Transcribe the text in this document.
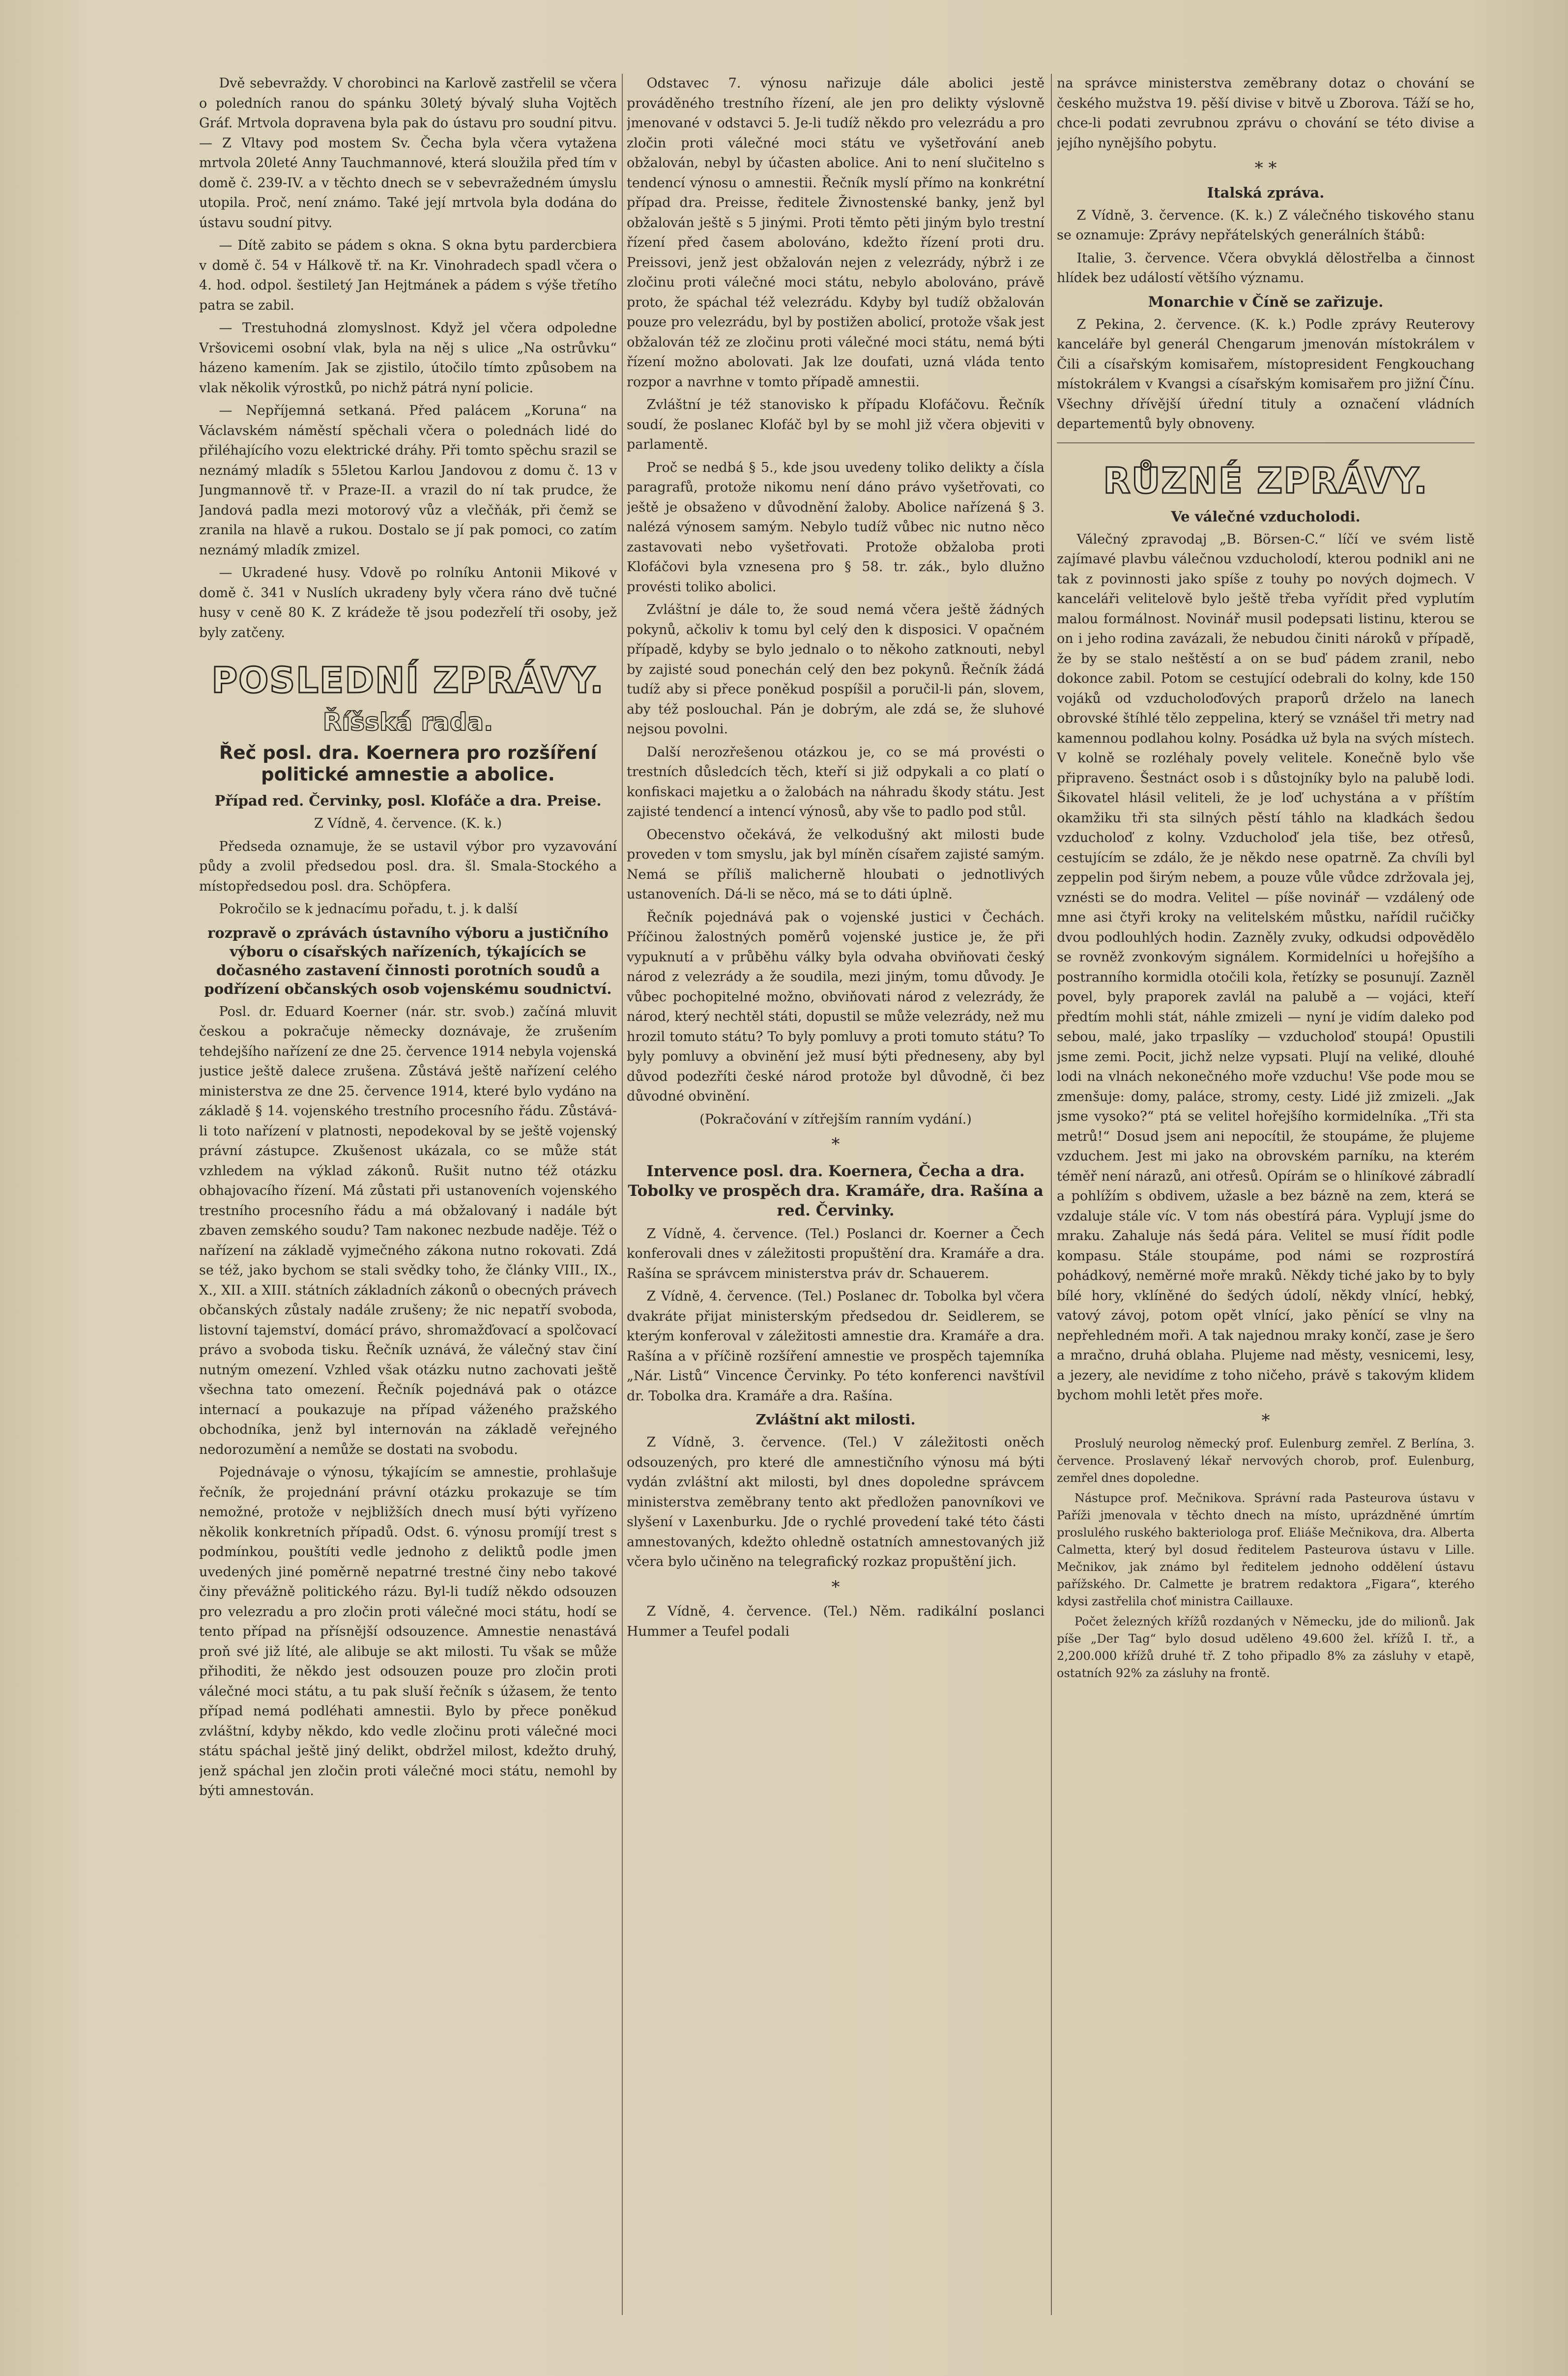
Dvě sebevraždy. V chorobinci na Karlově zastřelil se včera o poledních ranou do spánku 30letý bývalý sluha Vojtěch Gráf. Mrtvola dopravena byla pak do ústavu pro soudní pitvu. — Z Vltavy pod mostem Sv. Čecha byla včera vytažena mrtvola 20leté Anny Tauchmannové, která sloužila před tím v domě č. 239-IV. a v těchto dnech se v sebevražedném úmyslu utopila. Proč, není známo. Také její mrtvola byla dodána do ústavu soudní pitvy.

— Dítě zabito se pádem s okna. S okna bytu pardercbiera v domě č. 54 v Hálkově tř. na Kr. Vinohradech spadl včera o 4. hod. odpol. šestiletý Jan Hejtmánek a pádem s výše třetího patra se zabil.

— Trestuhodná zlomyslnost. Když jel včera odpoledne Vršovicemi osobní vlak, byla na něj s ulice „Na ostrůvku“ házeno kamením. Jak se zjistilo, útočilo tímto způsobem na vlak několik výrostků, po nichž pátrá nyní policie.

— Nepříjemná setkaná. Před palácem „Koruna“ na Václavském náměstí spěchali včera o polednách lidé do přiléhajícího vozu elektrické dráhy. Při tomto spěchu srazil se neznámý mladík s 55letou Karlou Jandovou z domu č. 13 v Jungmannově tř. v Praze-II. a vrazil do ní tak prudce, že Jandová padla mezi motorový vůz a vlečňák, při čemž se zranila na hlavě a rukou. Dostalo se jí pak pomoci, co zatím neznámý mladík zmizel.

— Ukradené husy. Vdově po rolníku Antonii Mikové v domě č. 341 v Nuslích ukradeny byly včera ráno dvě tučné husy v ceně 80 K. Z krádeže tě jsou podezřelí tři osoby, jež byly zatčeny.

POSLEDNÍ ZPRÁVY.
Říšská rada.
Řeč posl. dra. Koernera pro rozšíření politické amnestie a abolice.
Případ red. Červinky, posl. Klofáče a dra. Preise.

Z Vídně, 4. července. (K. k.)

Předseda oznamuje, že se ustavil výbor pro vyzavování půdy a zvolil předsedou posl. dra. šl. Smala-Stockého a místopředsedou posl. dra. Schöpfera.

Pokročilo se k jednacímu pořadu, t. j. k další

rozpravě o zprávách ústavního výboru a justičního výboru o císařských nařízeních, týkajících se dočasného zastavení činnosti porotních soudů a podřízení občanských osob vojenskému soudnictví.

Posl. dr. Eduard Koerner (nár. str. svob.) začíná mluvit českou a pokračuje německy doznávaje, že zrušením tehdejšího nařízení ze dne 25. července 1914 nebyla vojenská justice ještě dalece zrušena. Zůstává ještě nařízení celého ministerstva ze dne 25. července 1914, které bylo vydáno na základě § 14. vojenského trestního procesního řádu. Zůstává-li toto nařízení v platnosti, nepodekoval by se ještě vojenský právní zástupce. Zkušenost ukázala, co se může stát vzhledem na výklad zákonů. Rušit nutno též otázku obhajovacího řízení. Má zůstati při ustanoveních vojenského trestního procesního řádu a má obžalovaný i nadále být zbaven zemského soudu? Tam nakonec nezbude naděje. Též o nařízení na základě vyjmečného zákona nutno rokovati. Zdá se též, jako bychom se stali svědky toho, že články VIII., IX., X., XII. a XIII. státních základních zákonů o obecných právech občanských zůstaly nadále zrušeny; že nic nepatří svoboda, listovní tajemství, domácí právo, shromažďovací a spolčovací právo a svoboda tisku. Řečník uznává, že válečný stav činí nutným omezení. Vzhled však otázku nutno zachovati ještě všechna tato omezení. Řečník pojednává pak o otázce internací a poukazuje na případ váženého pražského obchodníka, jenž byl internován na základě veřejného nedorozumění a nemůže se dostati na svobodu.

Pojednávaje o výnosu, týkajícím se amnestie, prohlašuje řečník, že projednání právní otázku prokazuje se tím nemožné, protože v nejbližších dnech musí býti vyřízeno několik konkretních případů. Odst. 6. výnosu promíjí trest s podmínkou, pouštíti vedle jednoho z deliktů podle jmen uvedených jiné poměrně nepatrné trestné činy nebo takové činy převážně politického rázu. Byl-li tudíž někdo odsouzen pro velezradu a pro zločin proti válečné moci státu, hodí se tento případ na přísnější odsouzence. Amnestie nenastává proň své již líté, ale alibuje se akt milosti. Tu však se může přihoditi, že někdo jest odsouzen pouze pro zločin proti válečné moci státu, a tu pak sluší řečník s úžasem, že tento případ nemá podléhati amnestii. Bylo by přece poněkud zvláštní, kdyby někdo, kdo vedle zločinu proti válečné moci státu spáchal ještě jiný delikt, obdržel milost, kdežto druhý, jenž spáchal jen zločin proti válečné moci státu, nemohl by býti amnestován.

Odstavec 7. výnosu nařizuje dále abolici jestě prováděného trestního řízení, ale jen pro delikty výslovně jmenované v odstavci 5. Je-li tudíž někdo pro velezrádu a pro zločin proti válečné moci státu ve vyšetřování aneb obžalován, nebyl by účasten abolice. Ani to není slučitelno s tendencí výnosu o amnestii. Řečník myslí přímo na konkrétní případ dra. Preisse, ředitele Živnostenské banky, jenž byl obžalován ještě s 5 jinými. Proti těmto pěti jiným bylo trestní řízení před časem abolováno, kdežto řízení proti dru. Preissovi, jenž jest obžalován nejen z velezrády, nýbrž i ze zločinu proti válečné moci státu, nebylo abolováno, právě proto, že spáchal též velezrádu. Kdyby byl tudíž obžalován pouze pro velezrádu, byl by postižen abolicí, protože však jest obžalován též ze zločinu proti válečné moci státu, nemá býti řízení možno abolovati. Jak lze doufati, uzná vláda tento rozpor a navrhne v tomto případě amnestii.

Zvláštní je též stanovisko k případu Klofáčovu. Řečník soudí, že poslanec Klofáč byl by se mohl již včera objeviti v parlamentě.

Proč se nedbá § 5., kde jsou uvedeny toliko delikty a čísla paragrafů, protože nikomu není dáno právo vyšetřovati, co ještě je obsaženo v důvodnění žaloby. Abolice nařízená § 3. nalézá výnosem samým. Nebylo tudíž vůbec nic nutno něco zastavovati nebo vyšetřovati. Protože obžaloba proti Klofáčovi byla vznesena pro § 58. tr. zák., bylo dlužno provésti toliko abolici.

Zvláštní je dále to, že soud nemá včera ještě žádných pokynů, ačkoliv k tomu byl celý den k disposici. V opačném případě, kdyby se bylo jednalo o to někoho zatknouti, nebyl by zajisté soud ponechán celý den bez pokynů. Řečník žádá tudíž aby si přece poněkud pospíšil a poručil-li pán, slovem, aby též poslouchal. Pán je dobrým, ale zdá se, že sluhové nejsou povolni.

Další nerozřešenou otázkou je, co se má provésti o trestních důsledcích těch, kteří si již odpykali a co platí o konfiskaci majetku a o žalobách na náhradu škody státu. Jest zajisté tendencí a intencí výnosů, aby vše to padlo pod stůl.

Obecenstvo očekává, že velkodušný akt milosti bude proveden v tom smyslu, jak byl míněn císařem zajisté samým. Nemá se příliš malicherně hloubati o jednotlivých ustanoveních. Dá-li se něco, má se to dáti úplně.

Řečník pojednává pak o vojenské justici v Čechách. Příčinou žalostných poměrů vojenské justice je, že při vypuknutí a v průběhu války byla odvaha obviňovati český národ z velezrády a že soudila, mezi jiným, tomu důvody. Je vůbec pochopitelné možno, obviňovati národ z velezrády, že národ, který nechtěl státi, dopustil se může velezrády, než mu hrozil tomuto státu? To byly pomluvy a proti tomuto státu? To byly pomluvy a obvinění jež musí býti předneseny, aby byl důvod podezříti české národ protože byl důvodně, či bez důvodné obvinění.

(Pokračování v zítřejším ranním vydání.)

*

Intervence posl. dra. Koernera, Čecha a dra. Tobolky ve prospěch dra. Kramáře, dra. Rašína a red. Červinky.

Z Vídně, 4. července. (Tel.) Poslanci dr. Koerner a Čech konferovali dnes v záležitosti propuštění dra. Kramáře a dra. Rašína se správcem ministerstva práv dr. Schauerem.

Z Vídně, 4. července. (Tel.) Poslanec dr. Tobolka byl včera dvakráte přijat ministerským předsedou dr. Seidlerem, se kterým konferoval v záležitosti amnestie dra. Kramáře a dra. Rašína a v příčině rozšíření amnestie ve prospěch tajemníka „Nár. Listů“ Vincence Červinky. Po této konferenci navštívil dr. Tobolka dra. Kramáře a dra. Rašína.

Zvláštní akt milosti.

Z Vídně, 3. července. (Tel.) V záležitosti oněch odsouzených, pro které dle amnestičního výnosu má býti vydán zvláštní akt milosti, byl dnes dopoledne správcem ministerstva zeměbrany tento akt předložen panovníkovi ve slyšení v Laxenburku. Jde o rychlé provedení také této části amnestovaných, kdežto ohledně ostatních amnestovaných již včera bylo učiněno na telegrafický rozkaz propuštění jich.

*

Z Vídně, 4. července. (Tel.) Něm. radikální poslanci Hummer a Teufel podali

na správce ministerstva zeměbrany dotaz o chování se českého mužstva 19. pěší divise v bitvě u Zborova. Táží se ho, chce-li podati zevrubnou zprávu o chování se této divise a jejího nynějšího pobytu.

* *

Italská zpráva.

Z Vídně, 3. července. (K. k.) Z válečného tiskového stanu se oznamuje: Zprávy nepřátelských generálních štábů:

Italie, 3. července. Včera obvyklá dělostřelba a činnost hlídek bez událostí většího významu.

Monarchie v Číně se zařizuje.

Z Pekina, 2. července. (K. k.) Podle zprávy Reuterovy kanceláře byl generál Chengarum jmenován místokrálem v Čili a císařským komisařem, místopresident Fengkouchang místokrálem v Kvangsi a císařským komisařem pro jižní Čínu. Všechny dřívější úřední tituly a označení vládních departementů byly obnoveny.

RŮZNÉ ZPRÁVY.
Ve válečné vzducholodi.

Válečný zpravodaj „B. Börsen-C.“ líčí ve svém listě zajímavé plavbu válečnou vzducholodí, kterou podnikl ani ne tak z povinnosti jako spíše z touhy po nových dojmech. V kanceláři velitelově bylo ještě třeba vyřídit před vyplutím malou formálnost. Novinář musil podepsati listinu, kterou se on i jeho rodina zavázali, že nebudou činiti nároků v případě, že by se stalo neštěstí a on se buď pádem zranil, nebo dokonce zabil. Potom se cestující odebrali do kolny, kde 150 vojáků od vzducholoďových praporů drželo na lanech obrovské štíhlé tělo zeppelina, který se vznášel tři metry nad kamennou podlahou kolny. Posádka už byla na svých místech. V kolně se rozléhaly povely velitele. Konečně bylo vše připraveno. Šestnáct osob i s důstojníky bylo na palubě lodi. Šikovatel hlásil veliteli, že je loď uchystána a v příštím okamžiku tři sta silných pěstí táhlo na kladkách šedou vzducholoď z kolny. Vzducholoď jela tiše, bez otřesů, cestujícím se zdálo, že je někdo nese opatrně. Za chvíli byl zeppelin pod širým nebem, a pouze vůle vůdce zdržovala jej, vznésti se do modra. Velitel — píše novinář — vzdálený ode mne asi čtyři kroky na velitelském můstku, nařídil ručičky dvou podlouhlých hodin. Zazněly zvuky, odkudsi odpovědělo se rovněž zvonkovým signálem. Kormidelníci u hořejšího a postranního kormidla otočili kola, řetízky se posunují. Zazněl povel, byly praporek zavlál na palubě a — vojáci, kteří předtím mohli stát, náhle zmizeli — nyní je vidím daleko pod sebou, malé, jako trpaslíky — vzducholoď stoupá! Opustili jsme zemi. Pocit, jichž nelze vypsati. Plují na veliké, dlouhé lodi na vlnách nekonečného moře vzduchu! Vše pode mou se zmenšuje: domy, paláce, stromy, cesty. Lidé již zmizeli. „Jak jsme vysoko?“ ptá se velitel hořejšího kormidelníka. „Tři sta metrů!“ Dosud jsem ani nepocítil, že stoupáme, že plujeme vzduchem. Jest mi jako na obrovském parníku, na kterém téměř není nárazů, ani otřesů. Opírám se o hliníkové zábradlí a pohlížím s obdivem, užasle a bez bázně na zem, která se vzdaluje stále víc. V tom nás obestírá pára. Vyplují jsme do mraku. Zahaluje nás šedá pára. Velitel se musí řídit podle kompasu. Stále stoupáme, pod námi se rozprostírá pohádkový, neměrné moře mraků. Někdy tiché jako by to byly bílé hory, vklíněné do šedých údolí, někdy vlnící, hebký, vatový závoj, potom opět vlnící, jako pěnící se vlny na nepřehledném moři. A tak najednou mraky končí, zase je šero a mračno, druhá oblaha. Plujeme nad městy, vesnicemi, lesy, a jezery, ale nevidíme z toho ničeho, právě s takovým klidem bychom mohli letět přes moře.

*

Proslulý neurolog německý prof. Eulenburg zemřel. Z Berlína, 3. července. Proslavený lékař nervových chorob, prof. Eulenburg, zemřel dnes dopoledne.

Nástupce prof. Mečnikova. Správní rada Pasteurova ústavu v Paříži jmenovala v těchto dnech na místo, uprázdněné úmrtím proslulého ruského bakteriologa prof. Eliáše Mečnikova, dra. Alberta Calmetta, který byl dosud ředitelem Pasteurova ústavu v Lille. Mečnikov, jak známo byl ředitelem jednoho oddělení ústavu pařížského. Dr. Calmette je bratrem redaktora „Figara“, kterého kdysi zastřelila choť ministra Caillauxe.

Počet železných křížů rozdaných v Německu, jde do milionů. Jak píše „Der Tag“ bylo dosud uděleno 49.600 žel. křížů I. tř., a 2,200.000 křížů druhé tř. Z toho připadlo 8% za zásluhy v etapě, ostatních 92% za zásluhy na frontě.
